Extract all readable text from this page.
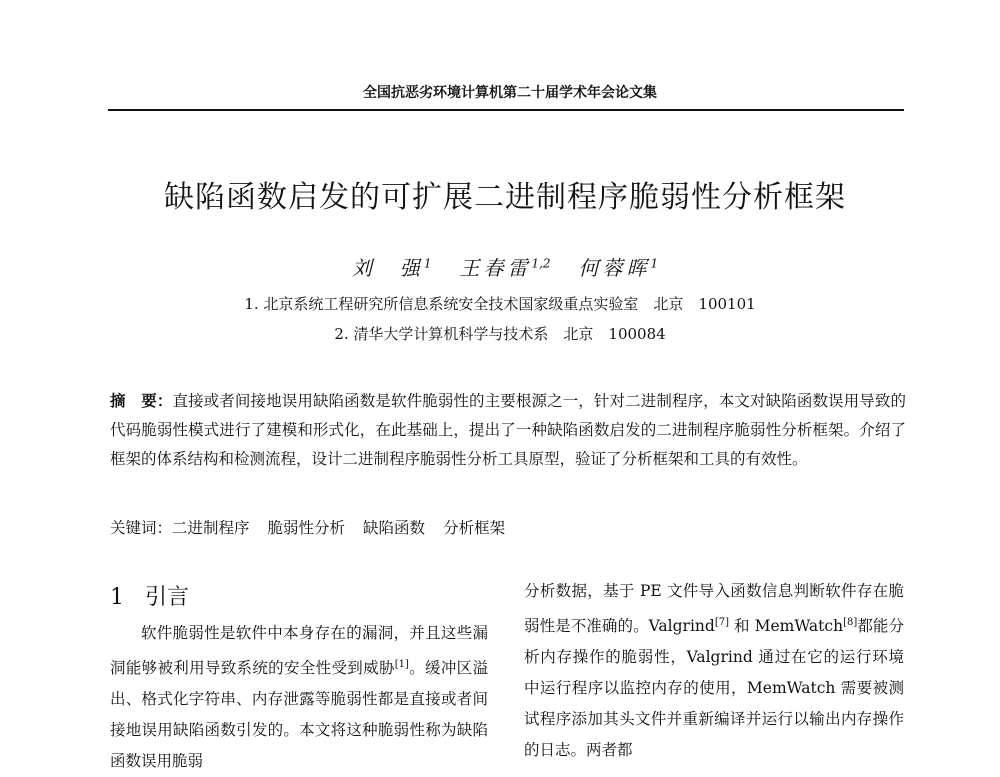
全国抗恶劣环境计算机第二十届学术年会论文集
缺陷函数启发的可扩展二进制程序脆弱性分析框架
刘　强$^1$ 王春雷$^{1,2}$ 何蓉晖$^1$
1. 北京系统工程研究所信息系统安全技术国家级重点实验室　北京　100101
2. 清华大学计算机科学与技术系　北京　100084
摘　要：直接或者间接地误用缺陷函数是软件脆弱性的主要根源之一，针对二进制程序，本文对缺陷函数误用导致的代码脆弱性模式进行了建模和形式化，在此基础上，提出了一种缺陷函数启发的二进制程序脆弱性分析框架。介绍了框架的体系结构和检测流程，设计二进制程序脆弱性分析工具原型，验证了分析框架和工具的有效性。
关键词：二进制程序 脆弱性分析 缺陷函数 分析框架
1 引言
软件脆弱性是软件中本身存在的漏洞，并且这些漏洞能够被利用导致系统的安全性受到威胁[1]。缓冲区溢出、格式化字符串、内存泄露等脆弱性都是直接或者间接地误用缺陷函数引发的。本文将这种脆弱性称为缺陷函数误用脆弱
分析数据，基于 PE 文件导入函数信息判断软件存在脆弱性是不准确的。Valgrind[7] 和 MemWatch[8]都能分析内存操作的脆弱性，Valgrind 通过在它的运行环境中运行程序以监控内存的使用，MemWatch 需要被测试程序添加其头文件并重新编译并运行以输出内存操作的日志。两者都
